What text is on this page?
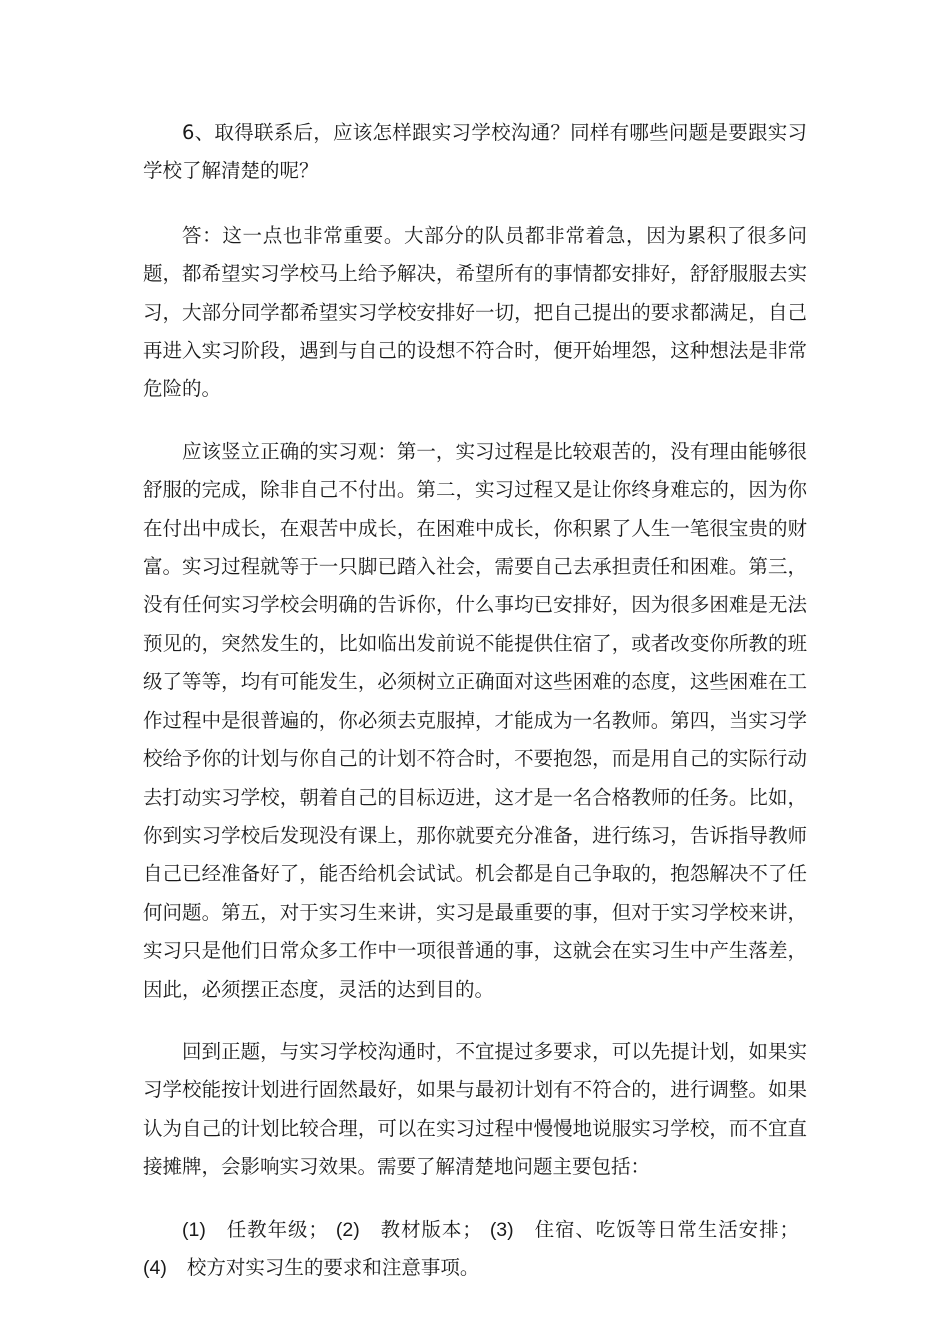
6、取得联系后，应该怎样跟实习学校沟通？同样有哪些问题是要跟实习学校了解清楚的呢？

答：这一点也非常重要。大部分的队员都非常着急，因为累积了很多问题，都希望实习学校马上给予解决，希望所有的事情都安排好，舒舒服服去实习，大部分同学都希望实习学校安排好一切，把自己提出的要求都满足，自己再进入实习阶段，遇到与自己的设想不符合时，便开始埋怨，这种想法是非常危险的。

应该竖立正确的实习观：第一，实习过程是比较艰苦的，没有理由能够很舒服的完成，除非自己不付出。第二，实习过程又是让你终身难忘的，因为你在付出中成长，在艰苦中成长，在困难中成长，你积累了人生一笔很宝贵的财富。实习过程就等于一只脚已踏入社会，需要自己去承担责任和困难。第三，没有任何实习学校会明确的告诉你，什么事均已安排好，因为很多困难是无法预见的，突然发生的，比如临出发前说不能提供住宿了，或者改变你所教的班级了等等，均有可能发生，必须树立正确面对这些困难的态度，这些困难在工作过程中是很普遍的，你必须去克服掉，才能成为一名教师。第四，当实习学校给予你的计划与你自己的计划不符合时，不要抱怨，而是用自己的实际行动去打动实习学校，朝着自己的目标迈进，这才是一名合格教师的任务。比如，你到实习学校后发现没有课上，那你就要充分准备，进行练习，告诉指导教师自己已经准备好了，能否给机会试试。机会都是自己争取的，抱怨解决不了任何问题。第五，对于实习生来讲，实习是最重要的事，但对于实习学校来讲，实习只是他们日常众多工作中一项很普通的事，这就会在实习生中产生落差，因此，必须摆正态度，灵活的达到目的。

回到正题，与实习学校沟通时，不宜提过多要求，可以先提计划，如果实习学校能按计划进行固然最好，如果与最初计划有不符合的，进行调整。如果认为自己的计划比较合理，可以在实习过程中慢慢地说服实习学校，而不宜直接摊牌，会影响实习效果。需要了解清楚地问题主要包括：

(1) 任教年级； (2) 教材版本； (3) 住宿、吃饭等日常生活安排；(4) 校方对实习生的要求和注意事项。
